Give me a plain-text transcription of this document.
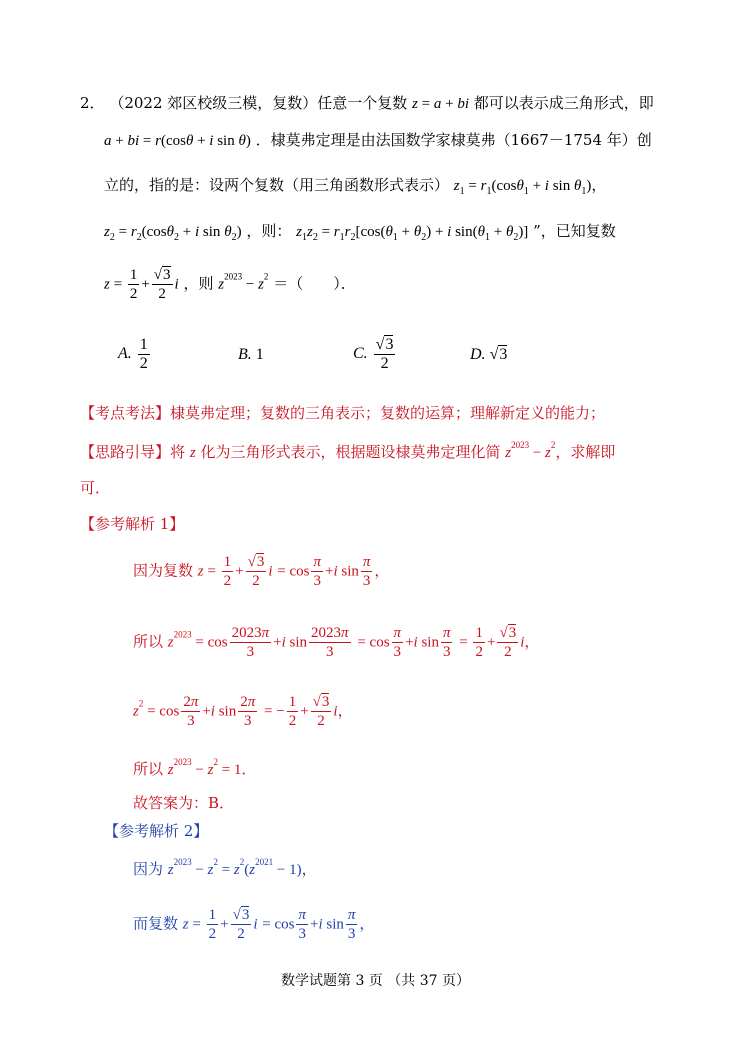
2． （2022 郊区校级三模，复数）任意一个复数 z = a + bi 都可以表示成三角形式，即
a + bi = r(cosθ + i sin θ) ．棣莫弗定理是由法国数学家棣莫弗（1667－1754 年）创
立的，指的是：设两个复数（用三角函数形式表示） $z_1 = r_1(\cos\theta_1 + i$ $\sin \theta_1$)，
$z_2 = r_2(\cos\theta_2 + i$ $\sin \theta_2$) ，则： $z_1z_2 = r_1r_2[\cos(\theta_1 + \theta_2) + i$ $\sin(\theta_1 + \theta_2)$] ”，已知复数
$z = \frac{1}{2} + \frac{√3}{2}$ i ，则 $z^{2023} - z^2$ ＝（　　）．
A. $\frac{1}{2}$	B. 1	C. $\frac{√3}{2}$	D. √3
【考点考法】棣莫弗定理；复数的三角表示；复数的运算；理解新定义的能力；
【思路引导】将 z 化为三角形式表示，根据题设棣莫弗定理化简 $z^{2023} - z^2$，求解即
可．
【参考解析 1】
因为复数 $z = \frac{1}{2} + \frac{√3}{2}$ $i = \cos \frac{\pi}{3} +i$ $\sin \frac{\pi}{3}$ ，
所以 $z^{2023} = \cos \frac{2023\pi}{3} +i$ $\sin \frac{2023\pi}{3} = \cos \frac{\pi}{3} +i$ $\sin \frac{\pi}{3} = \frac{1}{2} + \frac{√3}{2}$ i，
$z^2 = \cos \frac{2\pi}{3} +i$ $\sin \frac{2\pi}{3}$ = − $\frac{1}{2} + \frac{√3}{2}$ i，
所以 $z^{2023} - z^2 = 1$．
故答案为：B．
【参考解析 2】
因为 $z^{2023} - z^2 = z^2(z^{2021} - 1)$，
而复数 $z = \frac{1}{2} + \frac{√3}{2}$ $i = \cos \frac{\pi}{3} +i$ $\sin \frac{\pi}{3}$ ，
数学试题第 3 页 （共 37 页）
